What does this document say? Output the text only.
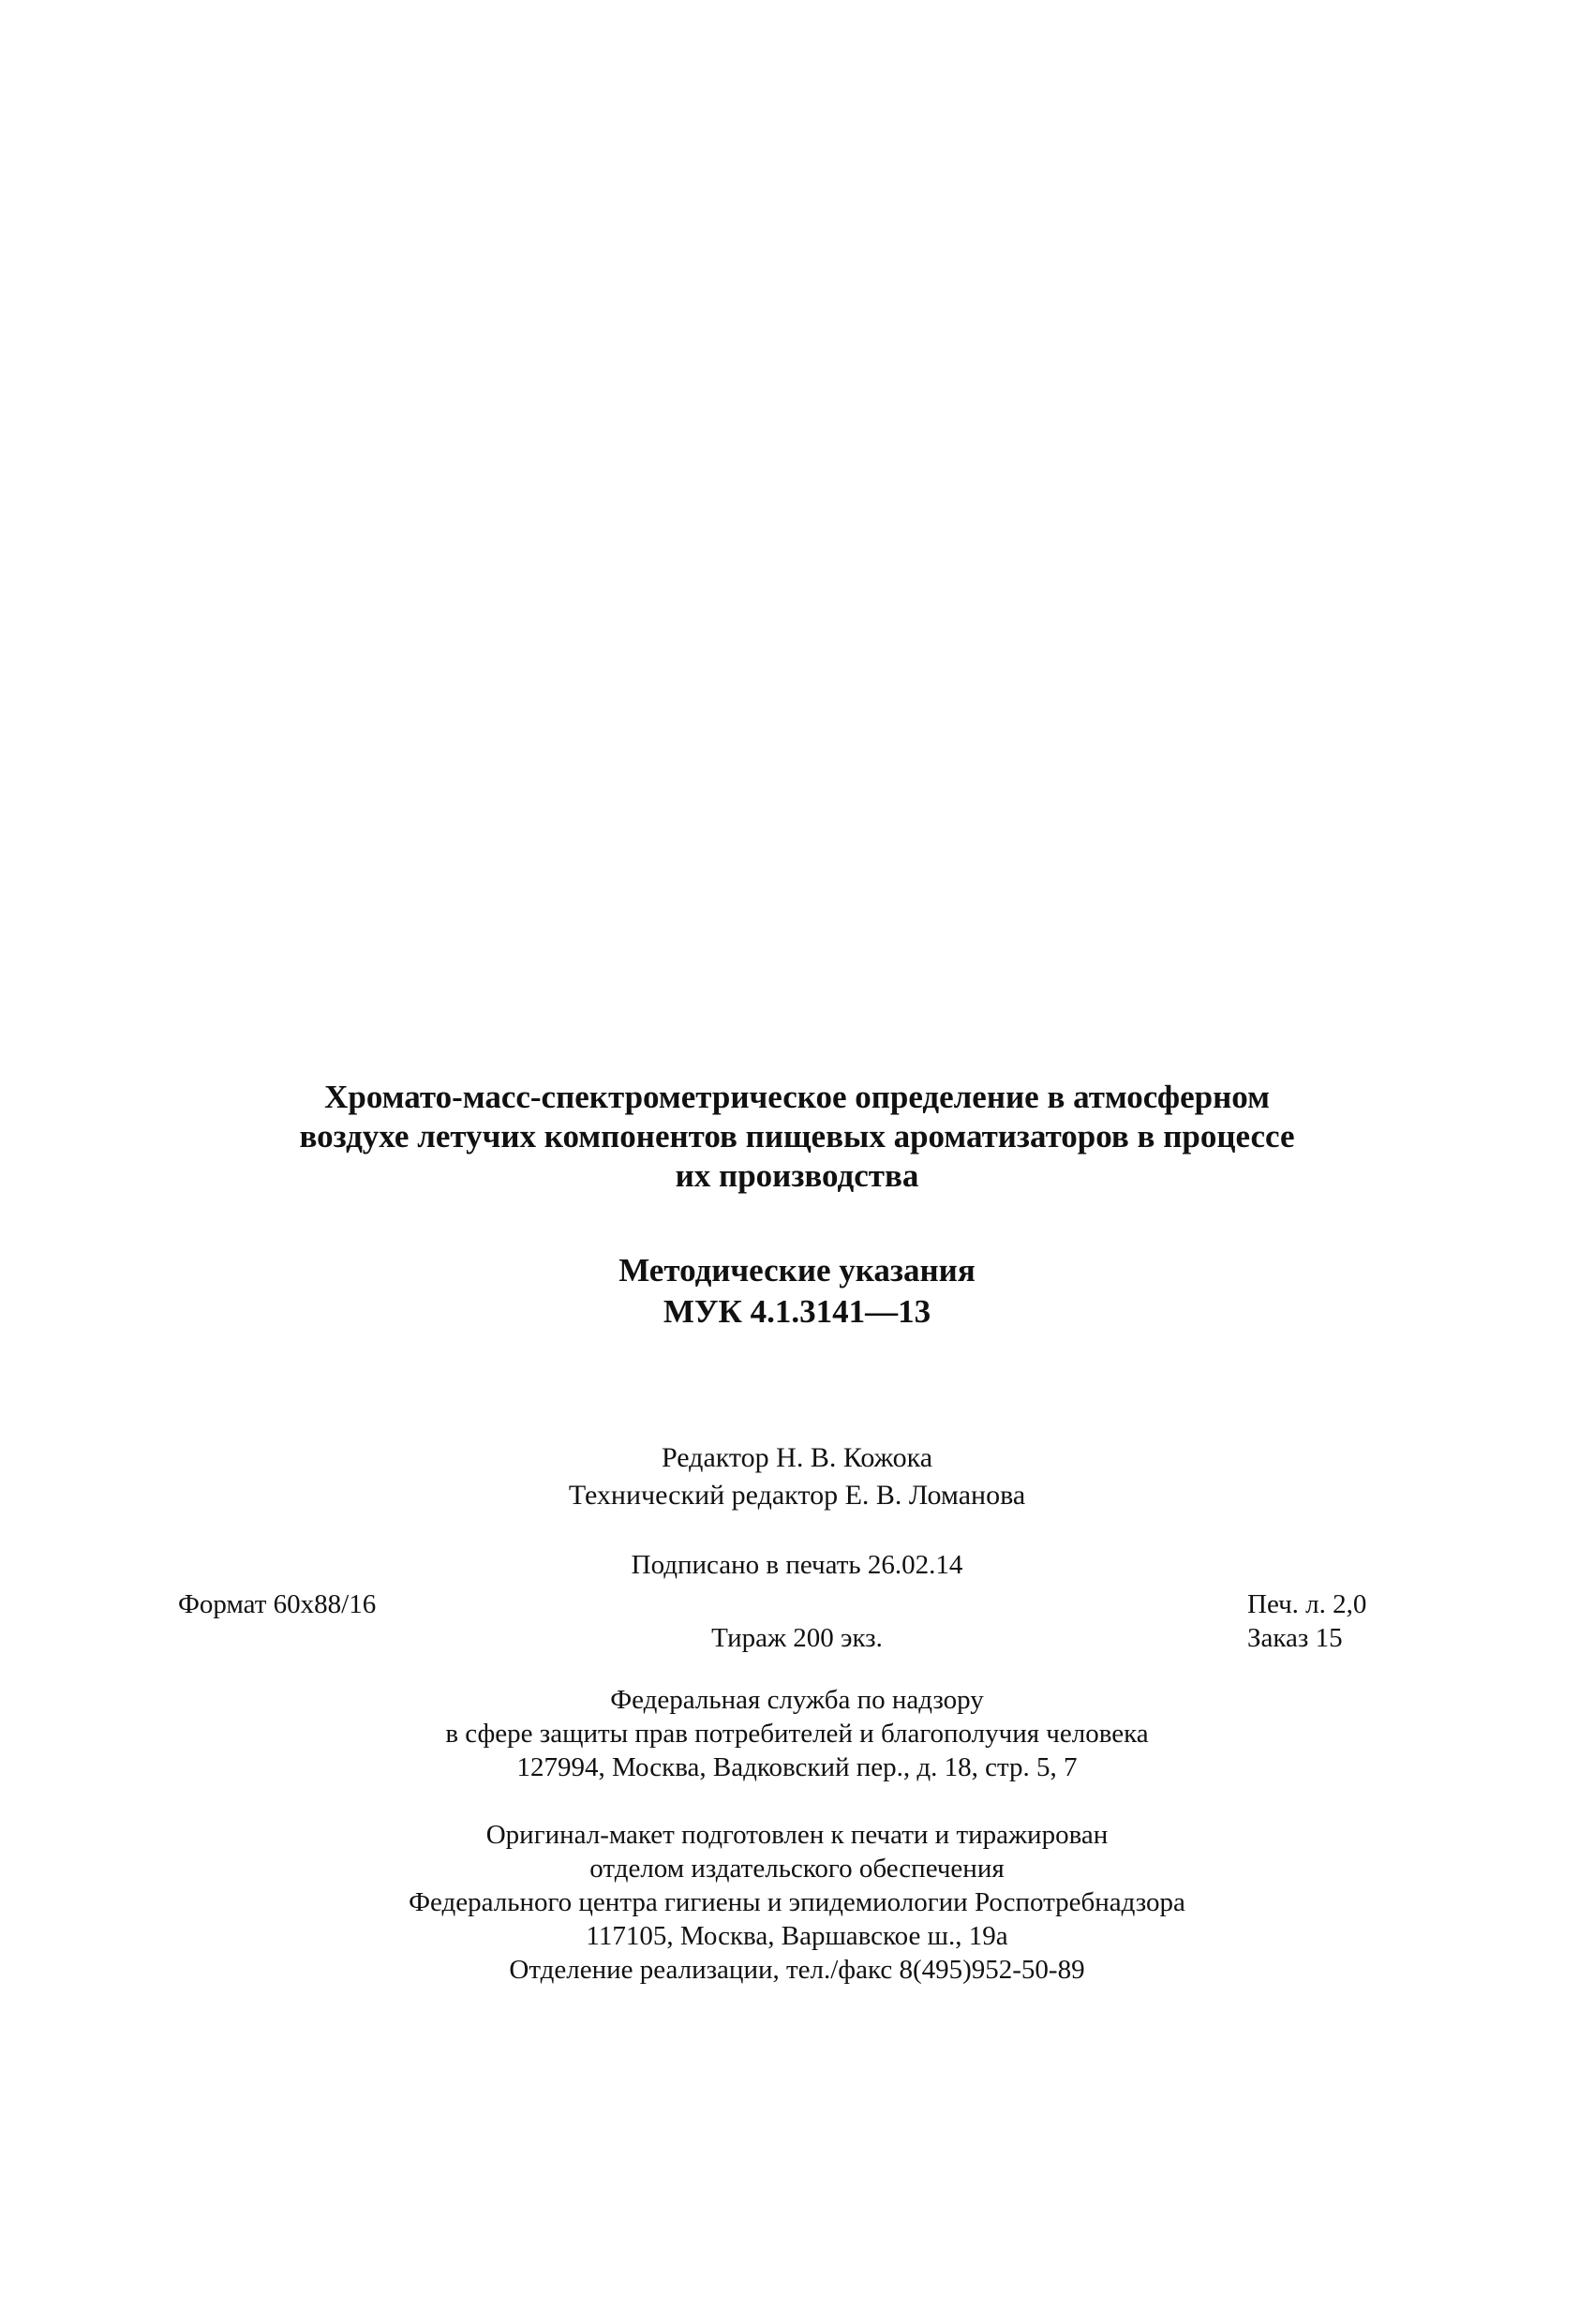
Хромато-масс-спектрометрическое определение в атмосферном
воздухе летучих компонентов пищевых ароматизаторов в процессе
их производства
Методические указания
МУК 4.1.3141—13
Редактор Н. В. Кожока
Технический редактор Е. В. Ломанова
Подписано в печать 26.02.14
Формат 60x88/16	Печ. л. 2,0
Тираж 200 экз.	Заказ 15
Федеральная служба по надзору
в сфере защиты прав потребителей и благополучия человека
127994, Москва, Вадковский пер., д. 18, стр. 5, 7
Оригинал-макет подготовлен к печати и тиражирован
отделом издательского обеспечения
Федерального центра гигиены и эпидемиологии Роспотребнадзора
117105, Москва, Варшавское ш., 19а
Отделение реализации, тел./факс 8(495)952-50-89
